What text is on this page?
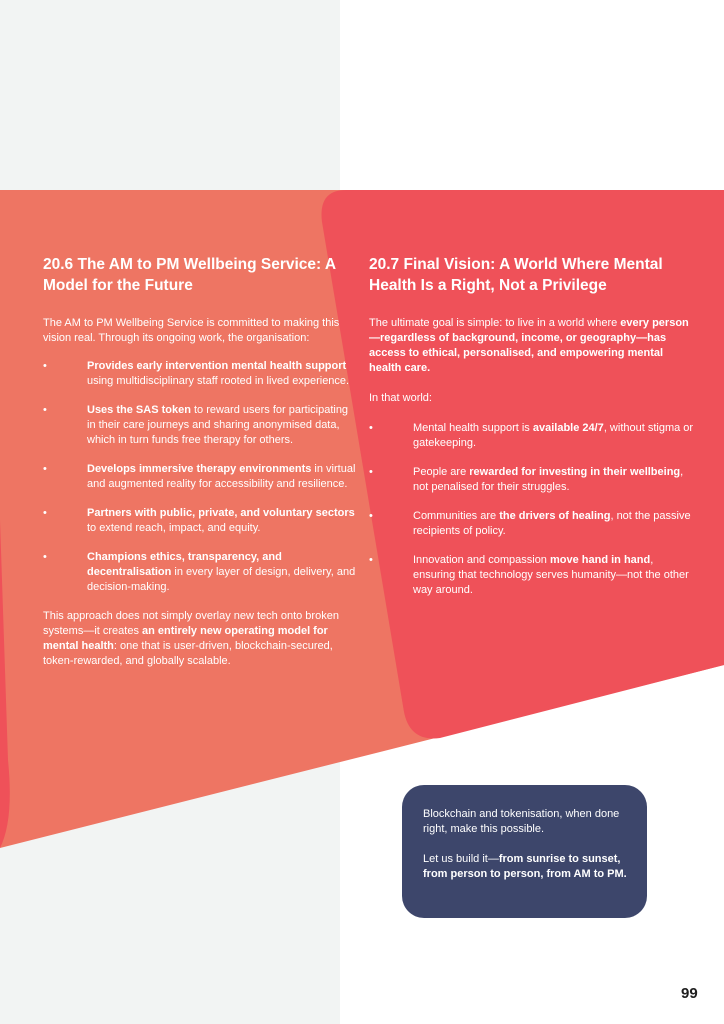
20.6 The AM to PM Wellbeing Service: A Model for the Future

The AM to PM Wellbeing Service is committed to making this vision real. Through its ongoing work, the organisation:

•	Provides early intervention mental health support using multidisciplinary staff rooted in lived experience.
•	Uses the SAS token to reward users for participating in their care journeys and sharing anonymised data, which in turn funds free therapy for others.
•	Develops immersive therapy environments in virtual and augmented reality for accessibility and resilience.
•	Partners with public, private, and voluntary sectors to extend reach, impact, and equity.
•	Champions ethics, transparency, and decentralisation in every layer of design, delivery, and decision-making.

This approach does not simply overlay new tech onto broken systems—it creates an entirely new operating model for mental health: one that is user-driven, blockchain-secured, token-rewarded, and globally scalable.

20.7 Final Vision: A World Where Mental Health Is a Right, Not a Privilege

The ultimate goal is simple: to live in a world where every person—regardless of background, income, or geography—has access to ethical, personalised, and empowering mental health care.

In that world:

•	Mental health support is available 24/7, without stigma or gatekeeping.
•	People are rewarded for investing in their wellbeing, not penalised for their struggles.
•	Communities are the drivers of healing, not the passive recipients of policy.
•	Innovation and compassion move hand in hand, ensuring that technology serves humanity—not the other way around.

Blockchain and tokenisation, when done right, make this possible.

Let us build it—from sunrise to sunset, from person to person, from AM to PM.

99
